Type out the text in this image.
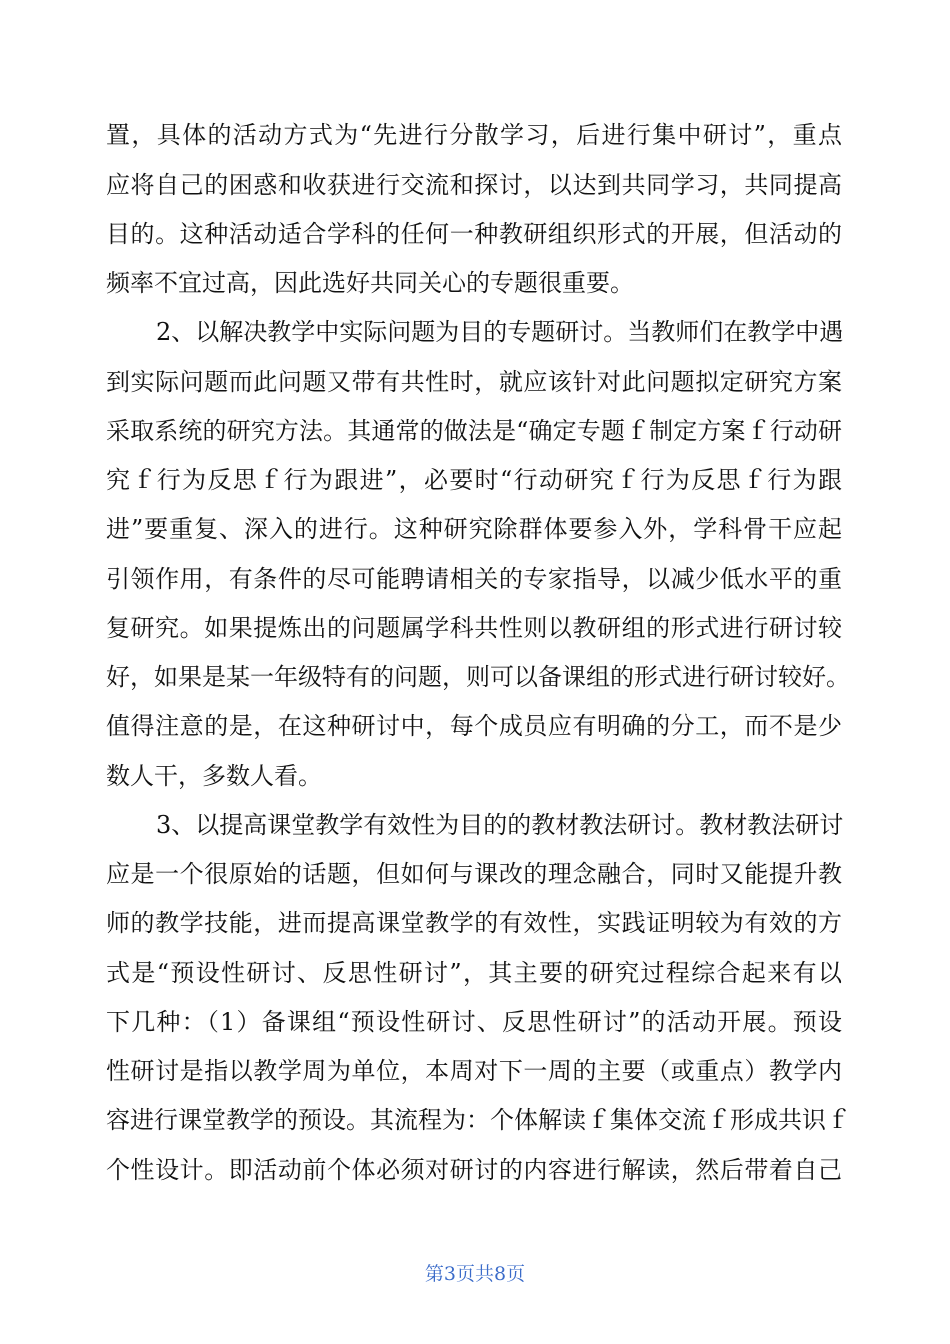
置，具体的活动方式为“先进行分散学习，后进行集中研讨”，重点
应将自己的困惑和收获进行交流和探讨，以达到共同学习，共同提高
目的。这种活动适合学科的任何一种教研组织形式的开展，但活动的
频率不宜过高，因此选好共同关心的专题很重要。
2、以解决教学中实际问题为目的专题研讨。当教师们在教学中遇
到实际问题而此问题又带有共性时，就应该针对此问题拟定研究方案
采取系统的研究方法。其通常的做法是“确定专题ｆ制定方案ｆ行动研
究ｆ行为反思ｆ行为跟进”，必要时“行动研究ｆ行为反思ｆ行为跟
进”要重复、深入的进行。这种研究除群体要参入外，学科骨干应起
引领作用，有条件的尽可能聘请相关的专家指导，以减少低水平的重
复研究。如果提炼出的问题属学科共性则以教研组的形式进行研讨较
好，如果是某一年级特有的问题，则可以备课组的形式进行研讨较好。
值得注意的是，在这种研讨中，每个成员应有明确的分工，而不是少
数人干，多数人看。
3、以提高课堂教学有效性为目的的教材教法研讨。教材教法研讨
应是一个很原始的话题，但如何与课改的理念融合，同时又能提升教
师的教学技能，进而提高课堂教学的有效性，实践证明较为有效的方
式是“预设性研讨、反思性研讨”，其主要的研究过程综合起来有以
下几种：（1）备课组“预设性研讨、反思性研讨”的活动开展。预设
性研讨是指以教学周为单位，本周对下一周的主要（或重点）教学内
容进行课堂教学的预设。其流程为：个体解读ｆ集体交流ｆ形成共识ｆ
个性设计。即活动前个体必须对研讨的内容进行解读，然后带着自己
第3页共8页
